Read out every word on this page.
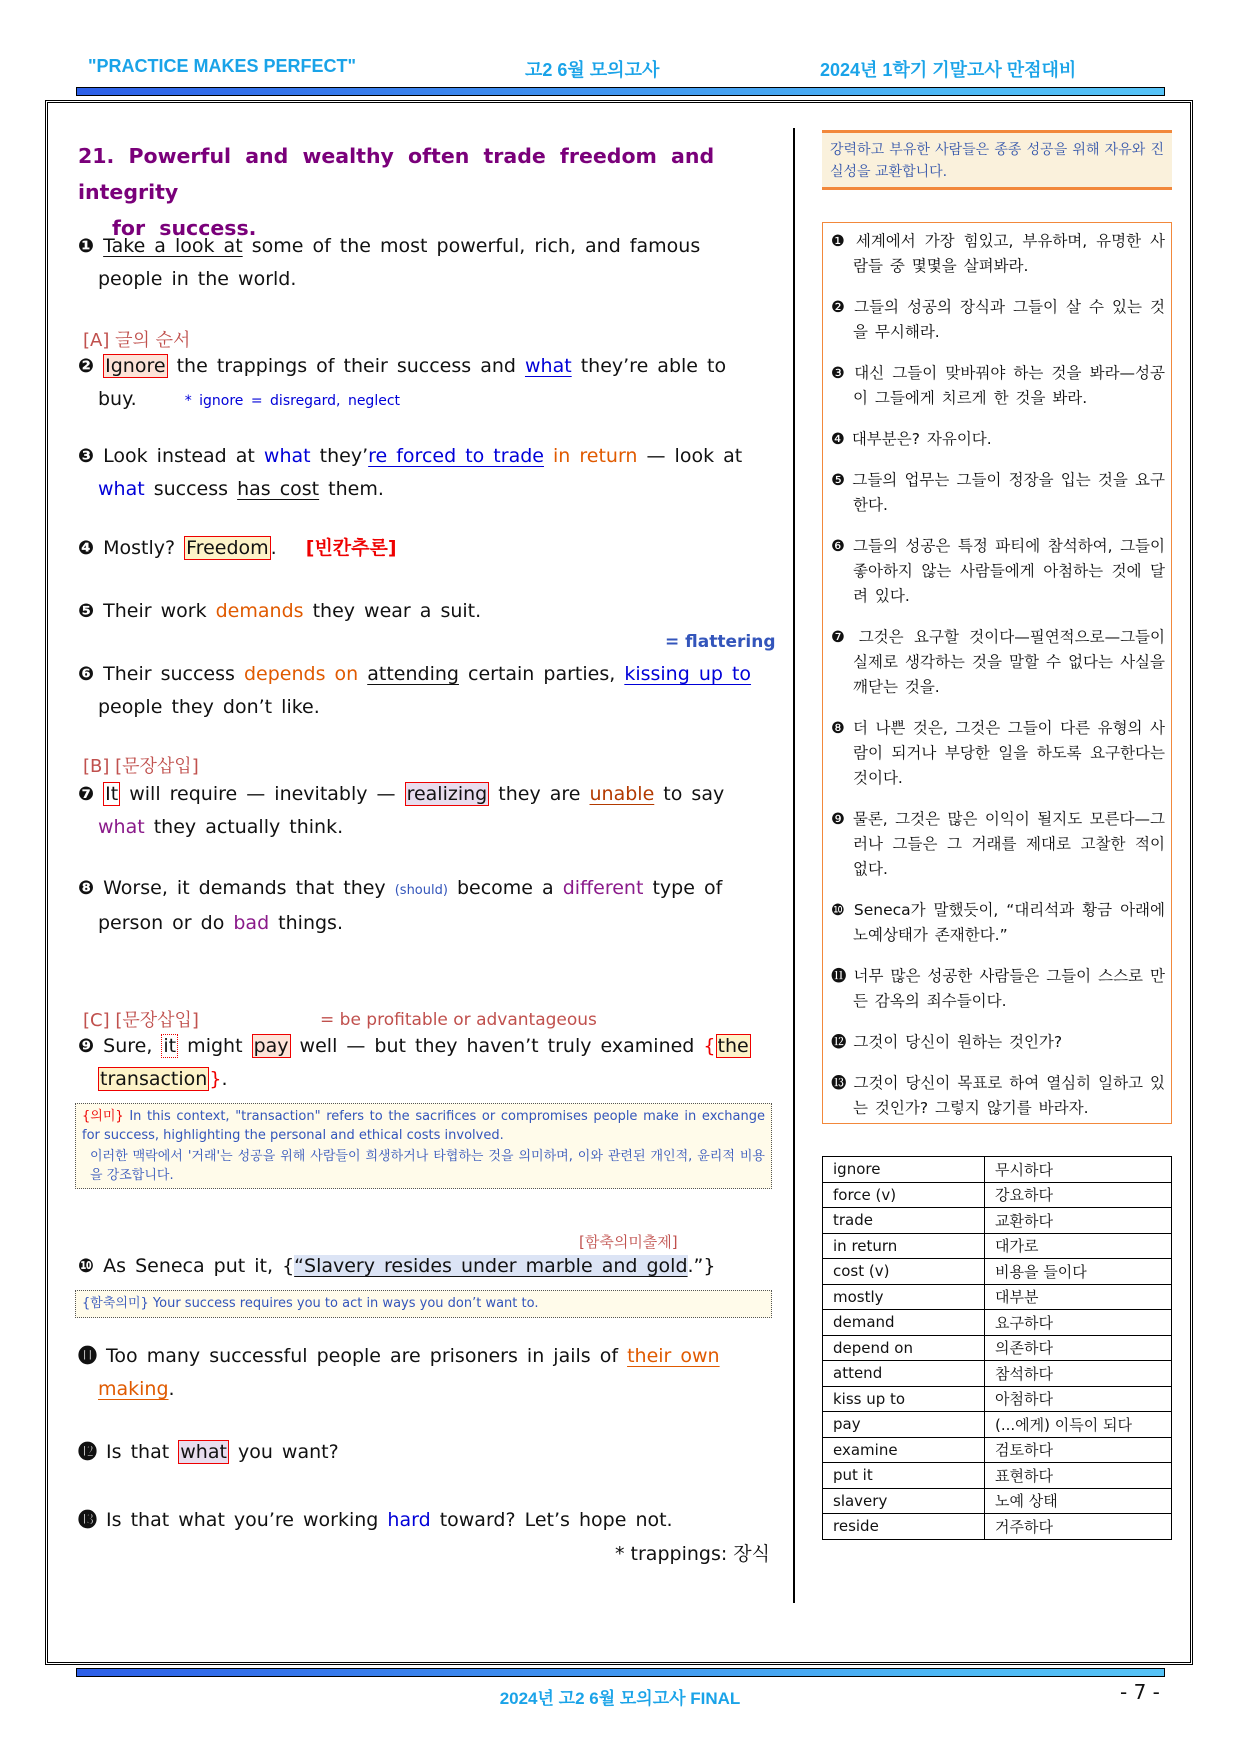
"PRACTICE MAKES PERFECT"	고2 6월 모의고사	2024년 1학기 기말고사 만점대비
21. Powerful and wealthy often trade freedom and integrity
for success.
❶ Take a look at some of the most powerful, rich, and famous
people in the world.
[A] 글의 순서
❷ Ignore the trappings of their success and what they’re able to
buy.	* ignore = disregard, neglect
❸ Look instead at what they’re forced to trade in return — look at
what success has cost them.
❹ Mostly? Freedom . [빈칸추론]
❺ Their work demands they wear a suit.
= flattering
❻ Their success depends on attending certain parties, kissing up to
people they don’t like.
[B] [문장삽입]
❼ It will require — inevitably — realizing they are unable to say
what they actually think.
❽ Worse, it demands that they (should) become a different type of
person or do bad things.
[C] [문장삽입]	= be profitable or advantageous
❾ Sure, it might pay well — but they haven’t truly examined { the
transaction }.
{의미} In this context, "transaction" refers to the sacrifices or compromises people make in exchange for success, highlighting the personal and ethical costs involved.
이러한 맥락에서 '거래'는 성공을 위해 사람들이 희생하거나 타협하는 것을 의미하며, 이와 관련된 개인적, 윤리적 비용을 강조합니다.
[함축의미출제]
❿ As Seneca put it, {“Slavery resides under marble and gold.”}
{함축의미} Your success requires you to act in ways you don’t want to.
⓫ Too many successful people are prisoners in jails of their own
making.
⓬ Is that what you want?
⓭ Is that what you’re working hard toward? Let’s hope not.
* trappings: 장식
강력하고 부유한 사람들은 종종 성공을 위해 자유와 진실성을 교환합니다.
❶ 세계에서 가장 힘있고, 부유하며, 유명한 사람들 중 몇몇을 살펴봐라.
❷ 그들의 성공의 장식과 그들이 살 수 있는 것을 무시해라.
❸ 대신 그들이 맞바꿔야 하는 것을 봐라—성공이 그들에게 치르게 한 것을 봐라.
❹ 대부분은? 자유이다.
❺ 그들의 업무는 그들이 정장을 입는 것을 요구한다.
❻ 그들의 성공은 특정 파티에 참석하여, 그들이 좋아하지 않는 사람들에게 아첨하는 것에 달려 있다.
❼ 그것은 요구할 것이다—필연적으로—그들이 실제로 생각하는 것을 말할 수 없다는 사실을 깨닫는 것을.
❽ 더 나쁜 것은, 그것은 그들이 다른 유형의 사람이 되거나 부당한 일을 하도록 요구한다는 것이다.
❾ 물론, 그것은 많은 이익이 될지도 모른다—그러나 그들은 그 거래를 제대로 고찰한 적이 없다.
❿ Seneca가 말했듯이, “대리석과 황금 아래에 노예상태가 존재한다.”
⓫ 너무 많은 성공한 사람들은 그들이 스스로 만든 감옥의 죄수들이다.
⓬ 그것이 당신이 원하는 것인가?
⓭ 그것이 당신이 목표로 하여 열심히 일하고 있는 것인가? 그렇지 않기를 바라자.
ignore	무시하다
force (v)	강요하다
trade	교환하다
in return	대가로
cost (v)	비용을 들이다
mostly	대부분
demand	요구하다
depend on	의존하다
attend	참석하다
kiss up to	아첨하다
pay	(...에게) 이득이 되다
examine	검토하다
put it	표현하다
slavery	노예 상태
reside	거주하다
2024년 고2 6월 모의고사 FINAL	- 7 -
